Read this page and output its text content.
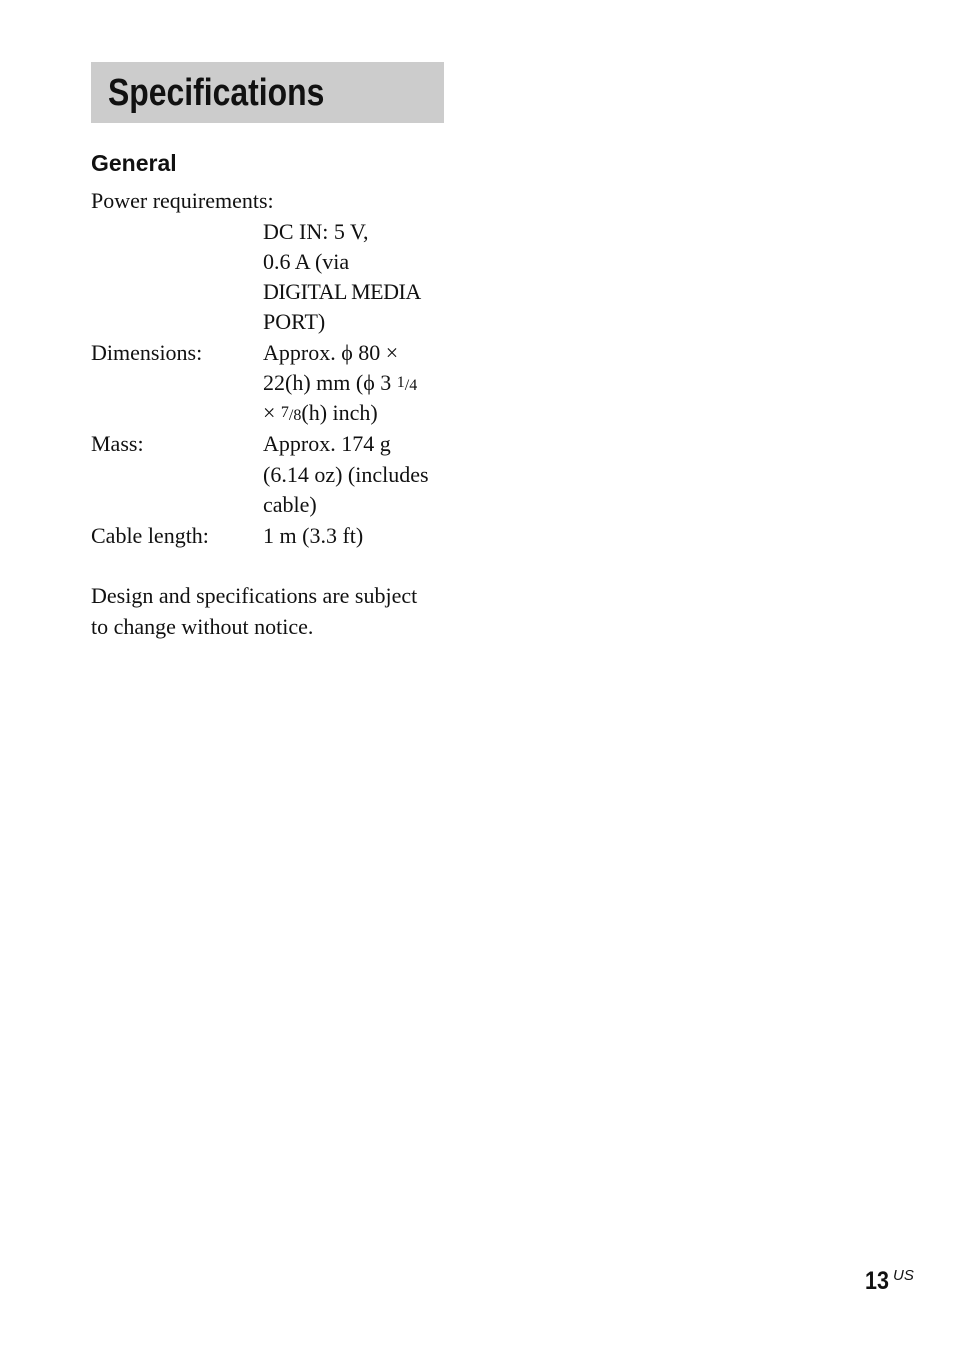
Specifications
General
Power requirements:
DC IN: 5 V,
0.6 A (via
DIGITAL MEDIA
PORT)
Dimensions:	Approx. ϕ 80 ×
22(h) mm (ϕ 3 1/4
× 7/8(h) inch)
Mass:	Approx. 174 g
(6.14 oz) (includes
cable)
Cable length: 1 m (3.3 ft)
Design and specifications are subject
to change without notice.
13 US
